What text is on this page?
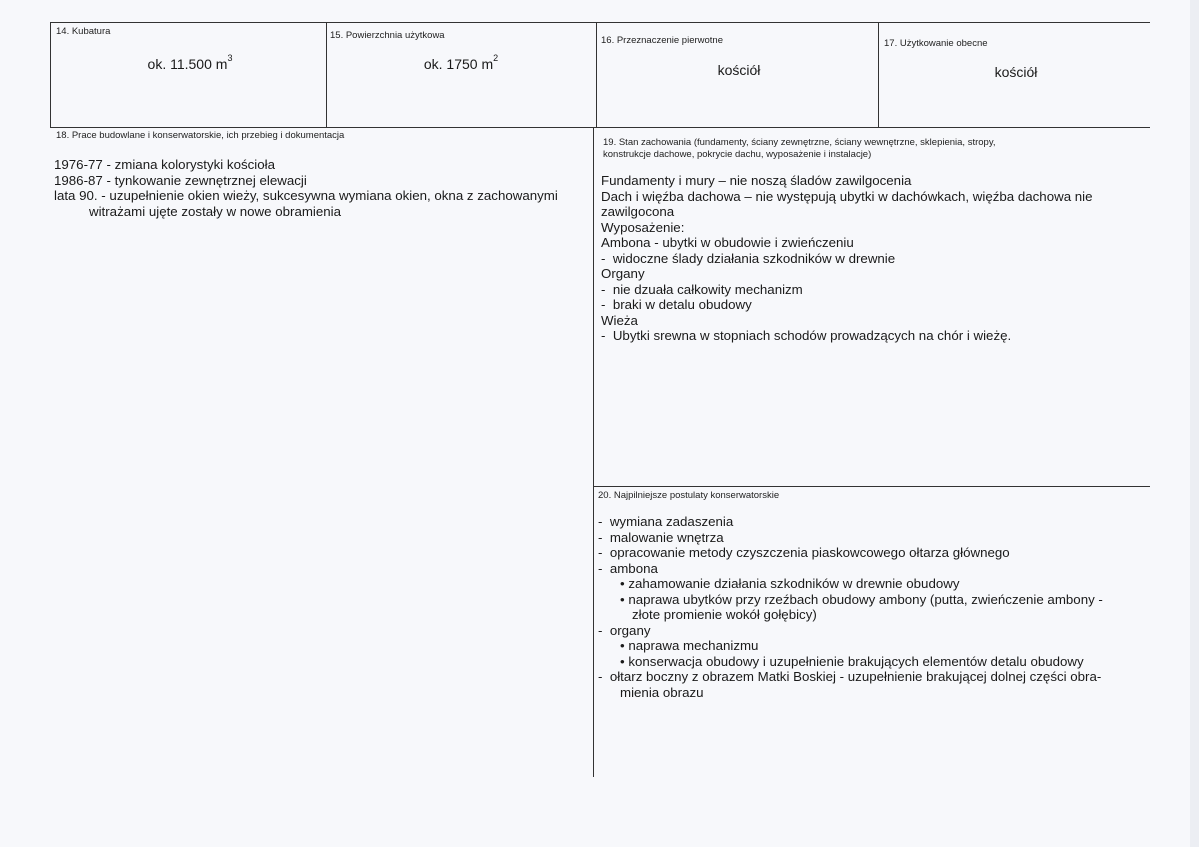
14. Kubatura
ok. 11.500 $m^3$
15. Powierzchnia użytkowa
ok. 1750 $m^2$
16. Przeznaczenie pierwotne
kościół
17. Użytkowanie obecne
kościół
18. Prace budowlane i konserwatorskie, ich przebieg i dokumentacja
1976-77 - zmiana kolorystyki kościoła
1986-87 - tynkowanie zewnętrznej elewacji
lata 90. - uzupełnienie okien wieży, sukcesywna wymiana okien, okna z zachowanymi
witrażami ujęte zostały w nowe obramienia
19. Stan zachowania (fundamenty, ściany zewnętrzne, ściany wewnętrzne, sklepienia, stropy,
konstrukcje dachowe, pokrycie dachu, wyposażenie i instalacje)
Fundamenty i mury – nie noszą śladów zawilgocenia
Dach i więźba dachowa – nie występują ubytki w dachówkach, więźba dachowa nie
zawilgocona
Wyposażenie:
Ambona - ubytki w obudowie i zwieńczeniu
-  widoczne ślady działania szkodników w drewnie
Organy
-  nie dzuała całkowity mechanizm
-  braki w detalu obudowy
Wieża
-  Ubytki srewna w stopniach schodów prowadzących na chór i wieżę.
20. Najpilniejsze postulaty konserwatorskie
-  wymiana zadaszenia
-  malowanie wnętrza
-  opracowanie metody czyszczenia piaskowcowego ołtarza głównego
-  ambona
• zahamowanie działania szkodników w drewnie obudowy
• naprawa ubytków przy rzeźbach obudowy ambony (putta, zwieńczenie ambony -
złote promienie wokół gołębicy)
-  organy
• naprawa mechanizmu
• konserwacja obudowy i uzupełnienie brakujących elementów detalu obudowy
-  ołtarz boczny z obrazem Matki Boskiej - uzupełnienie brakującej dolnej części obra-
mienia obrazu
